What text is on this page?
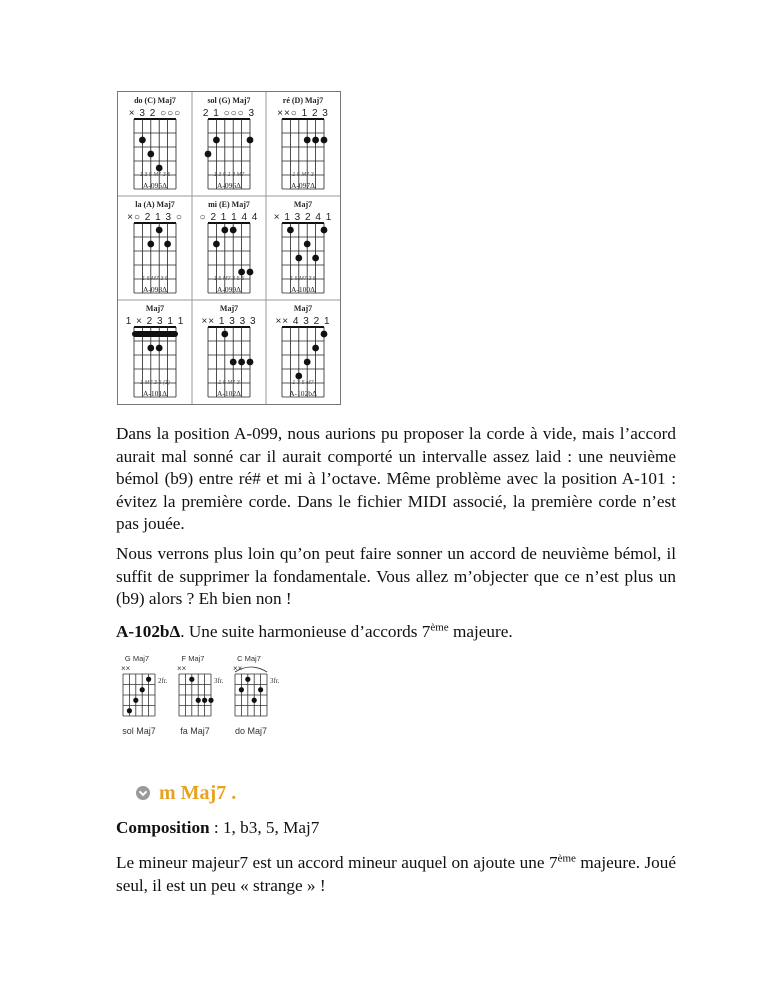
do (C) Maj7
× 3 2 ○○○
1 3 5 M7 3 5
A-095Δ
sol (G) Maj7
2 1 ○○○ 3
1 3 5 1 3 M7
A-096Δ
ré (D) Maj7
××○ 1 2 3
1 5 M7 3
A-097Δ
la (A) Maj7
×○ 2 1 3 ○
1 5 M7 3 5
A-098Δ
mi (E) Maj7
○ 2 1 1 4 4
1 5 M7 3 5 5
A-099Δ
Maj7
× 1 3 2 4 1
1 5 M7 3 5
A-100Δ
Maj7
1 × 2 3 1 1
1 M7 3 5 (1)
A-101Δ
Maj7
×× 1 3 3 3
1 5 M7 3
A-102Δ
Maj7
×× 4 3 2 1
1 3 5 M7
A-102bΔ

Dans la position A-099, nous aurions pu proposer la corde à vide, mais l’accord aurait mal sonné car il aurait comporté un intervalle assez laid : une neuvième bémol (b9) entre ré# et mi à l’octave. Même problème avec la position A-101 : évitez la première corde. Dans le fichier MIDI associé, la première corde n’est pas jouée.

Nous verrons plus loin qu’on peut faire sonner un accord de neuvième bémol, il suffit de supprimer la fondamentale. Vous allez m’objecter que ce n’est plus un (b9) alors ? Eh bien non !

A-102bΔ. Une suite harmonieuse d’accords 7ème majeure.

G Maj7
××
2fr.
sol Maj7
F Maj7
××
3fr.
fa Maj7
C Maj7
××
3fr.
do Maj7
m Maj7 .
Composition : 1, b3, 5, Maj7

Le mineur majeur7 est un accord mineur auquel on ajoute une 7ème majeure. Joué seul, il est un peu « strange » !
